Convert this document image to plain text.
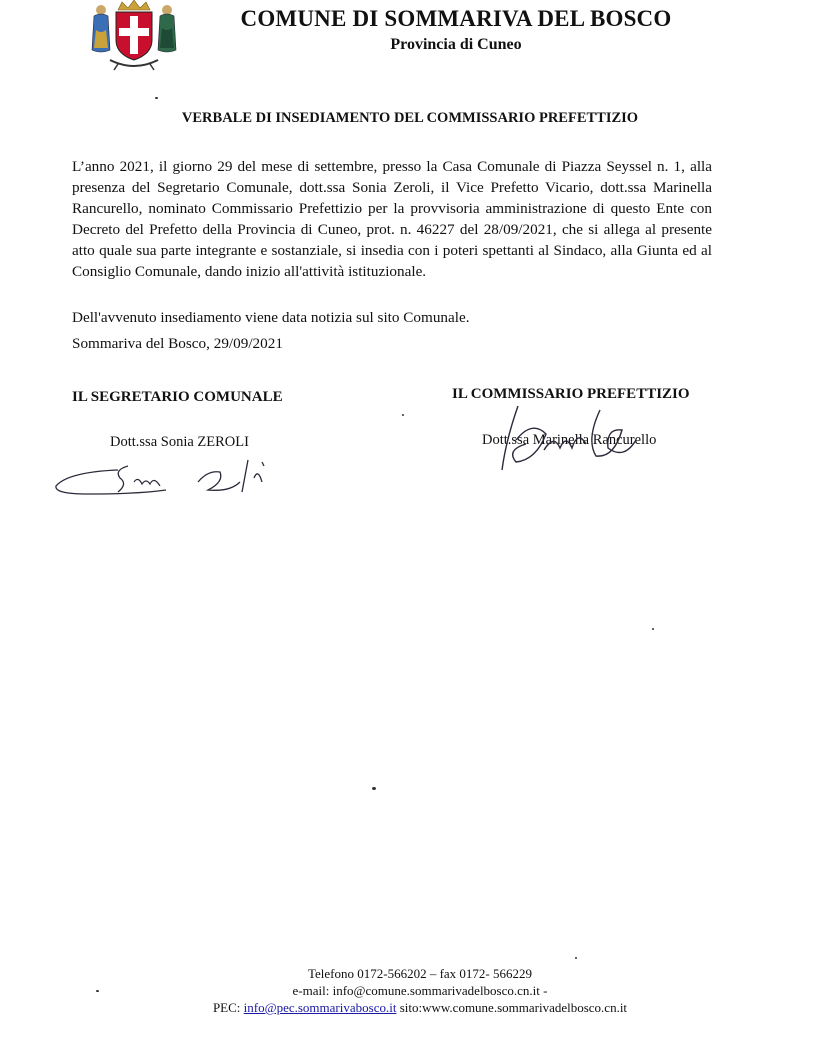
COMUNE DI SOMMARIVA DEL BOSCO
Provincia di Cuneo
VERBALE DI INSEDIAMENTO DEL COMMISSARIO PREFETTIZIO

L’anno 2021, il giorno 29 del mese di settembre, presso la Casa Comunale di Piazza Seyssel n. 1, alla presenza del Segretario Comunale, dott.ssa Sonia Zeroli, il Vice Prefetto Vicario, dott.ssa Marinella Rancurello, nominato Commissario Prefettizio per la provvisoria amministrazione di questo Ente con Decreto del Prefetto della Provincia di Cuneo, prot. n. 46227 del 28/09/2021, che si allega al presente atto quale sua parte integrante e sostanziale, si insedia con i poteri spettanti al Sindaco, alla Giunta ed al Consiglio Comunale, dando inizio all'attività istituzionale.

Dell'avvenuto insediamento viene data notizia sul sito Comunale.

Sommariva del Bosco, 29/09/2021

IL SEGRETARIO COMUNALE	IL COMMISSARIO PREFETTIZIO
Dott.ssa Sonia ZEROLI	Dott.ssa Marinella Rancurello
Telefono 0172-566202 – fax 0172- 566229
e-mail: info@comune.sommarivadelbosco.cn.it -
PEC: info@pec.sommarivabosco.it sito:www.comune.sommarivadelbosco.cn.it
